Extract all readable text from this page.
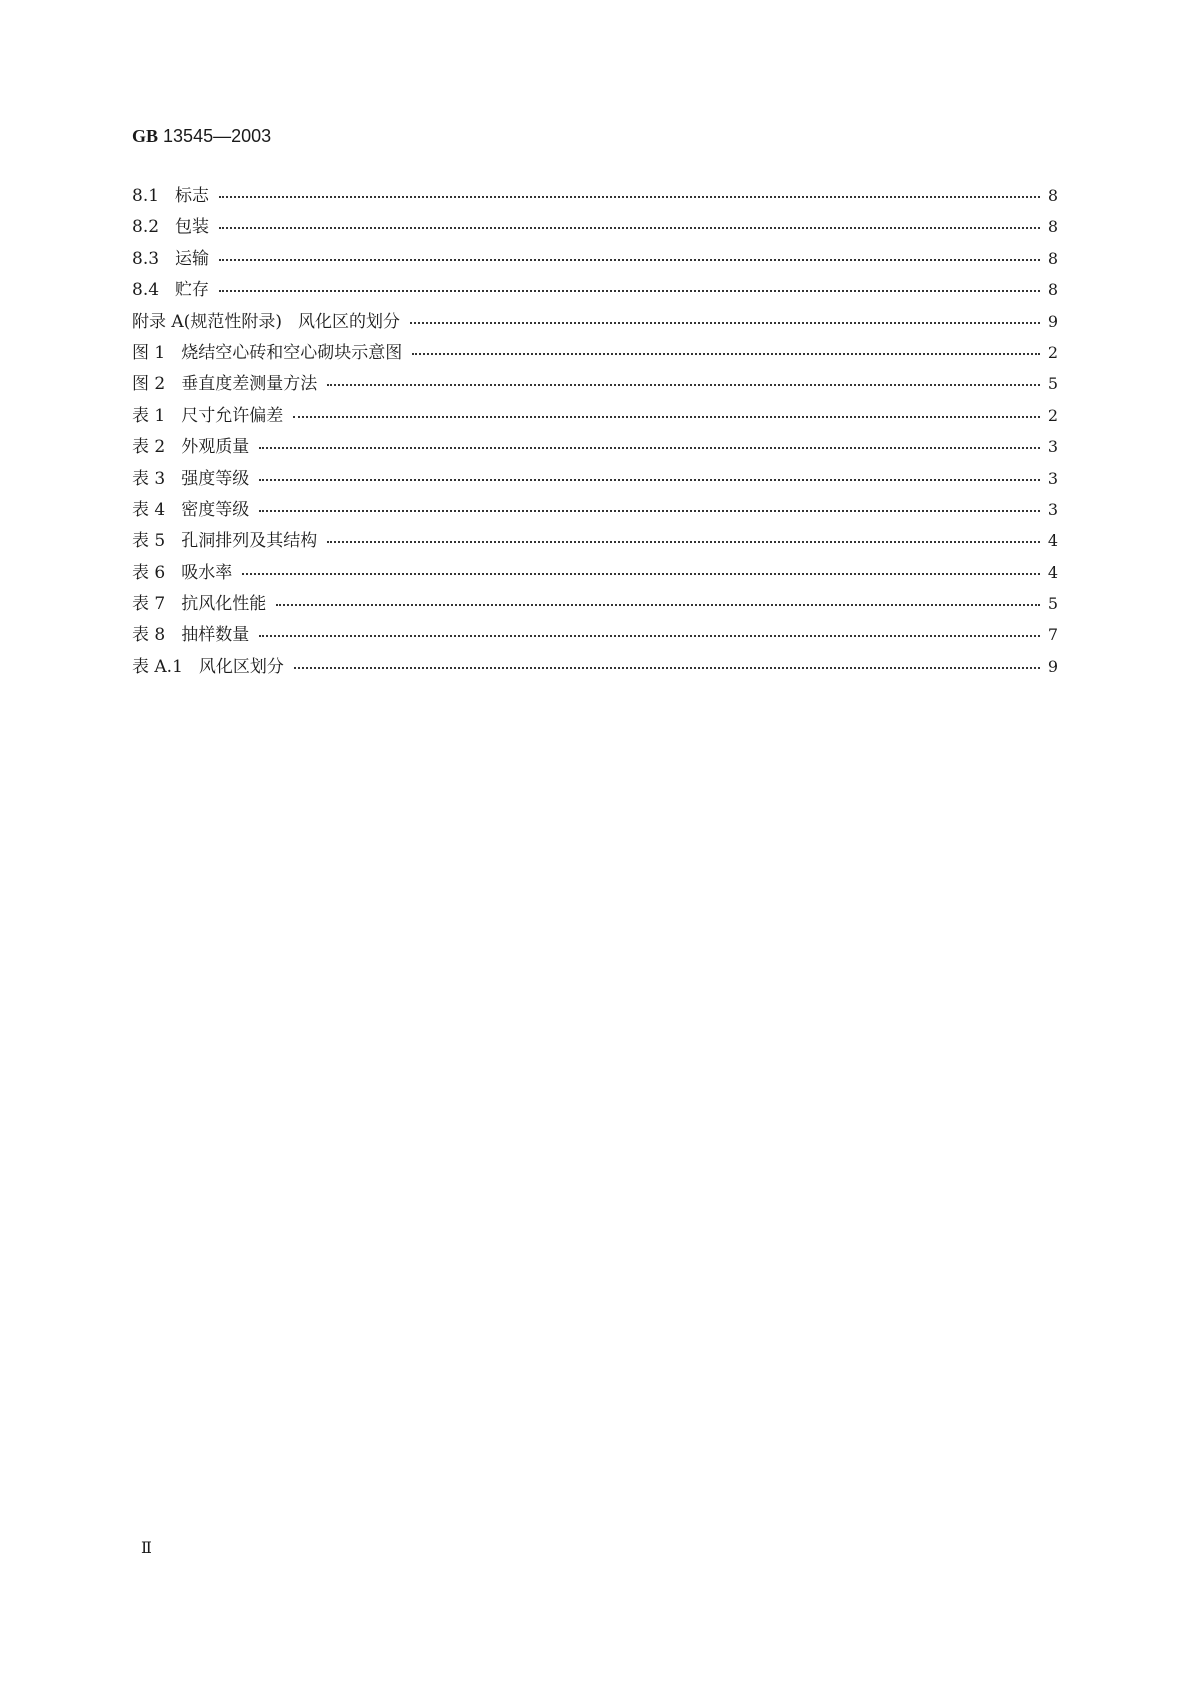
GB 13545—2003
8.1 标志	8
8.2 包装	8
8.3 运输	8
8.4 贮存	8
附录 A(规范性附录) 风化区的划分	9
图 1 烧结空心砖和空心砌块示意图	2
图 2 垂直度差测量方法	5
表 1 尺寸允许偏差	2
表 2 外观质量	3
表 3 强度等级	3
表 4 密度等级	3
表 5 孔洞排列及其结构	4
表 6 吸水率	4
表 7 抗风化性能	5
表 8 抽样数量	7
表 A.1 风化区划分	9
Ⅱ
